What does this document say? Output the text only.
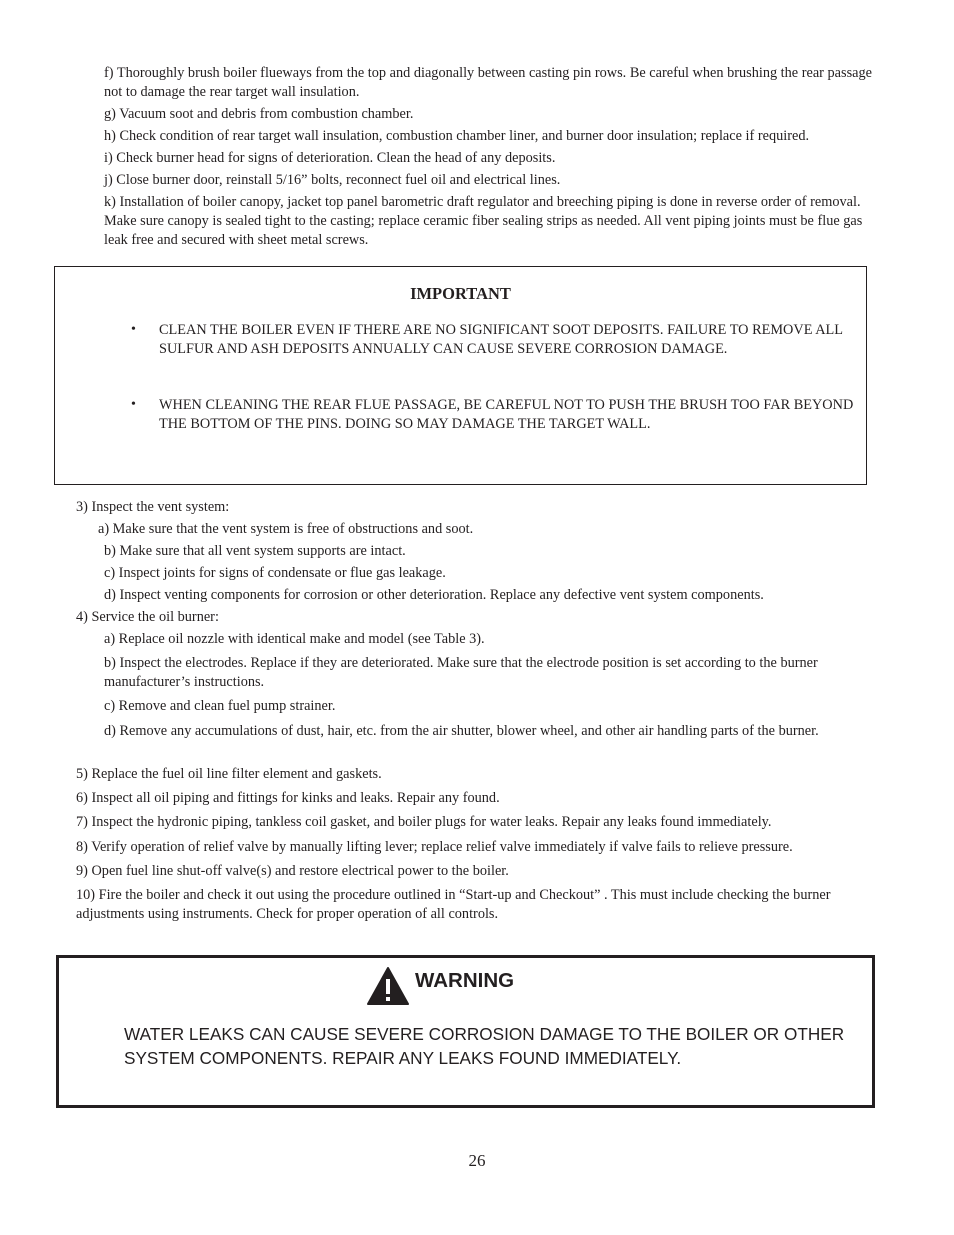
f) Thoroughly brush boiler flueways from the top and diagonally between casting pin rows. Be careful when brushing the rear passage not to damage the rear target wall insulation.

g) Vacuum soot and debris from combustion chamber.

h) Check condition of rear target wall insulation, combustion chamber liner, and burner door insulation; replace if required.

i) Check burner head for signs of deterioration. Clean the head of any deposits.

j) Close burner door, reinstall 5/16” bolts, reconnect fuel oil and electrical lines.

k) Installation of boiler canopy, jacket top panel barometric draft regulator and breeching piping is done in reverse order of removal. Make sure canopy is sealed tight to the casting; replace ceramic fiber sealing strips as needed. All vent piping joints must be flue gas leak free and secured with sheet metal screws.

IMPORTANT
• CLEAN THE BOILER EVEN IF THERE ARE NO SIGNIFICANT SOOT DEPOSITS. FAILURE TO REMOVE ALL SULFUR AND ASH DEPOSITS ANNUALLY CAN CAUSE SEVERE CORROSION DAMAGE.
• WHEN CLEANING THE REAR FLUE PASSAGE, BE CAREFUL NOT TO PUSH THE BRUSH TOO FAR BEYOND THE BOTTOM OF THE PINS. DOING SO MAY DAMAGE THE TARGET WALL.

3) Inspect the vent system:

a) Make sure that the vent system is free of obstructions and soot.

b) Make sure that all vent system supports are intact.

c) Inspect joints for signs of condensate or flue gas leakage.

d) Inspect venting components for corrosion or other deterioration. Replace any defective vent system components.

4) Service the oil burner:

a) Replace oil nozzle with identical make and model (see Table 3).

b) Inspect the electrodes. Replace if they are deteriorated. Make sure that the electrode position is set according to the burner manufacturer’s instructions.

c) Remove and clean fuel pump strainer.

d) Remove any accumulations of dust, hair, etc. from the air shutter, blower wheel, and other air handling parts of the burner.

5) Replace the fuel oil line filter element and gaskets.

6) Inspect all oil piping and fittings for kinks and leaks. Repair any found.

7) Inspect the hydronic piping, tankless coil gasket, and boiler plugs for water leaks. Repair any leaks found immediately.

8) Verify operation of relief valve by manually lifting lever; replace relief valve immediately if valve fails to relieve pressure.

9) Open fuel line shut-off valve(s) and restore electrical power to the boiler.

10) Fire the boiler and check it out using the procedure outlined in “Start-up and Checkout” . This must include checking the burner adjustments using instruments. Check for proper operation of all controls.

WARNING
WATER LEAKS CAN CAUSE SEVERE CORROSION DAMAGE TO THE BOILER OR OTHER SYSTEM COMPONENTS. REPAIR ANY LEAKS FOUND IMMEDIATELY.
26
